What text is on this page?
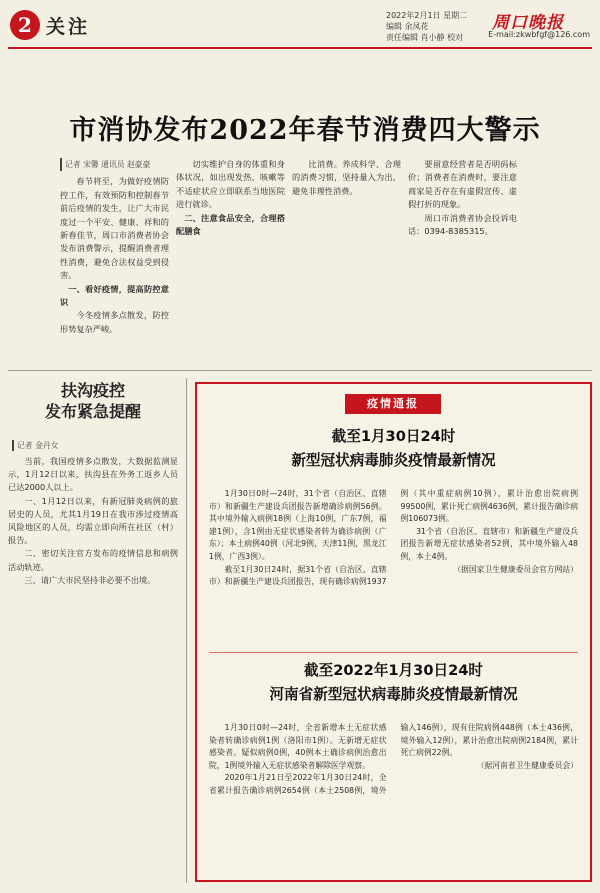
2 关注
2022年2月1日 星期二
编辑 余凤花
责任编辑 肖小静 校对
周口晚报
E-mail:zkwbfgf@126.com
市消协发布2022年春节消费四大警示
记者 宋馨 通讯员 赵豪豪

春节将至，为做好疫情防控工作，有效预防和控制春节前后疫情的发生，让广大市民度过一个平安、健康、祥和的新春佳节，周口市消费者协会发布消费警示，提醒消费者理性消费，避免合法权益受到侵害。

一、看好疫情，提高防控意识

今冬疫情多点散发，防控形势复杂严峻。

切实维护自身的体重和身体状况，如出现发热、咳嗽等不适症状应立即联系当地医院进行就诊。

二、注意食品安全，合理搭配膳食

比消费。养成科学、合理的消费习惯，坚持量入为出，避免非理性消费。

要留意经营者是否明码标价；消费者在消费时，要注意商家是否存在有虚假宣传、虚假打折的现象。

周口市消费者协会投诉电话：0394-8385315。

扶沟疫控
发布紧急提醒
记者 金丹女

当前，我国疫情多点散发，大数据监测显示，1月12日以来，扶沟县在外务工返乡人员已达2000人以上。

一、1月12日以来，有新冠肺炎病例的旅居史的人员，尤其1月19日在我市涉过疫情高风险地区的人员，均需立即向所在社区（村）报告。

二、密切关注官方发布的疫情信息和病例活动轨迹。

三、请广大市民坚持非必要不出境。

疫情通报
截至1月30日24时
新型冠状病毒肺炎疫情最新情况

1月30日0时—24时，31个省（自治区、直辖市）和新疆生产建设兵团报告新增确诊病例56例。其中境外输入病例18例（上海10例，广东7例，福建1例），含1例由无症状感染者转为确诊病例（广东）；本土病例40例（河北9例，天津11例，黑龙江1例，广西3例）。

截至1月30日24时，据31个省（自治区、直辖市）和新疆生产建设兵团报告，现有确诊病例1937例（其中重症病例10例），累计治愈出院病例99500例，累计死亡病例4636例，累计报告确诊病例106073例。

31个省（自治区、直辖市）和新疆生产建设兵团报告新增无症状感染者52例，其中境外输入48例，本土4例。

（据国家卫生健康委员会官方网站）

截至2022年1月30日24时
河南省新型冠状病毒肺炎疫情最新情况

1月30日0时—24时，全省新增本土无症状感染者转确诊病例1例（洛阳市1例）。无新增无症状感染者。疑似病例0例，40例本土确诊病例治愈出院，1例境外输入无症状感染者解除医学观察。

2020年1月21日至2022年1月30日24时，全省累计报告确诊病例2654例（本土2508例，境外输入146例），现有住院病例448例（本土436例，境外输入12例），累计治愈出院病例2184例，累计死亡病例22例。

（据河南省卫生健康委员会）
